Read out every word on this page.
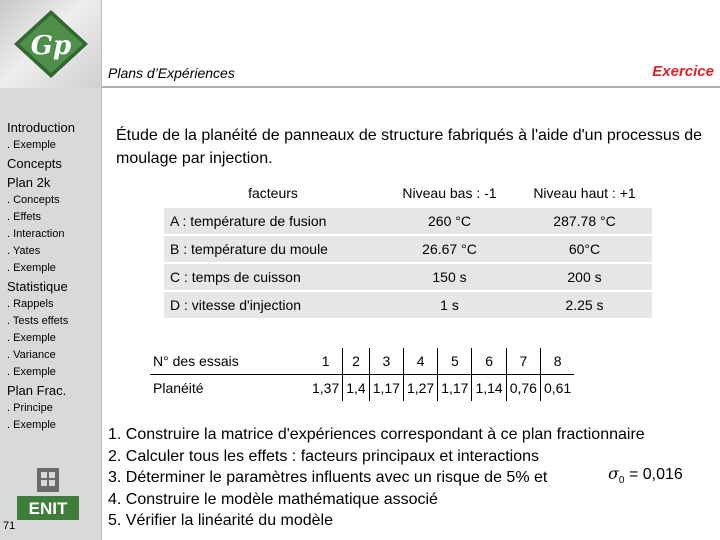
Gp
Introduction
. Exemple
Concepts
Plan 2k
. Concepts
. Effets
. Interaction
. Yates
. Exemple
Statistique
. Rappels
. Tests effets
. Exemple
. Variance
. Exemple
Plan Frac.
. Principe
. Exemple
ENIT
71
Plans d’Expériences	Exercice
Étude de la planéité de panneaux de structure fabriqués à l'aide d'un processus de moulage par injection.
facteurs	Niveau bas : -1	Niveau haut : +1
A : température de fusion	260 °C	287.78 °C
B : température du moule	26.67 °C	60°C
C : temps de cuisson	150 s	200 s
D : vitesse d'injection	1 s	2.25 s
N° des essais	1	2	3	4	5	6	7	8
Planéité	1,37	1,4	1,17	1,27	1,17	1,14	0,76	0,61
1. Construire la matrice d'expériences correspondant à ce plan fractionnaire
2. Calculer tous les effets : facteurs principaux et interactions
3. Déterminer le paramètres influents avec un risque de 5% et
4. Construire le modèle mathématique associé
5. Vérifier la linéarité du modèle
$\sigma_0 = 0,016$
